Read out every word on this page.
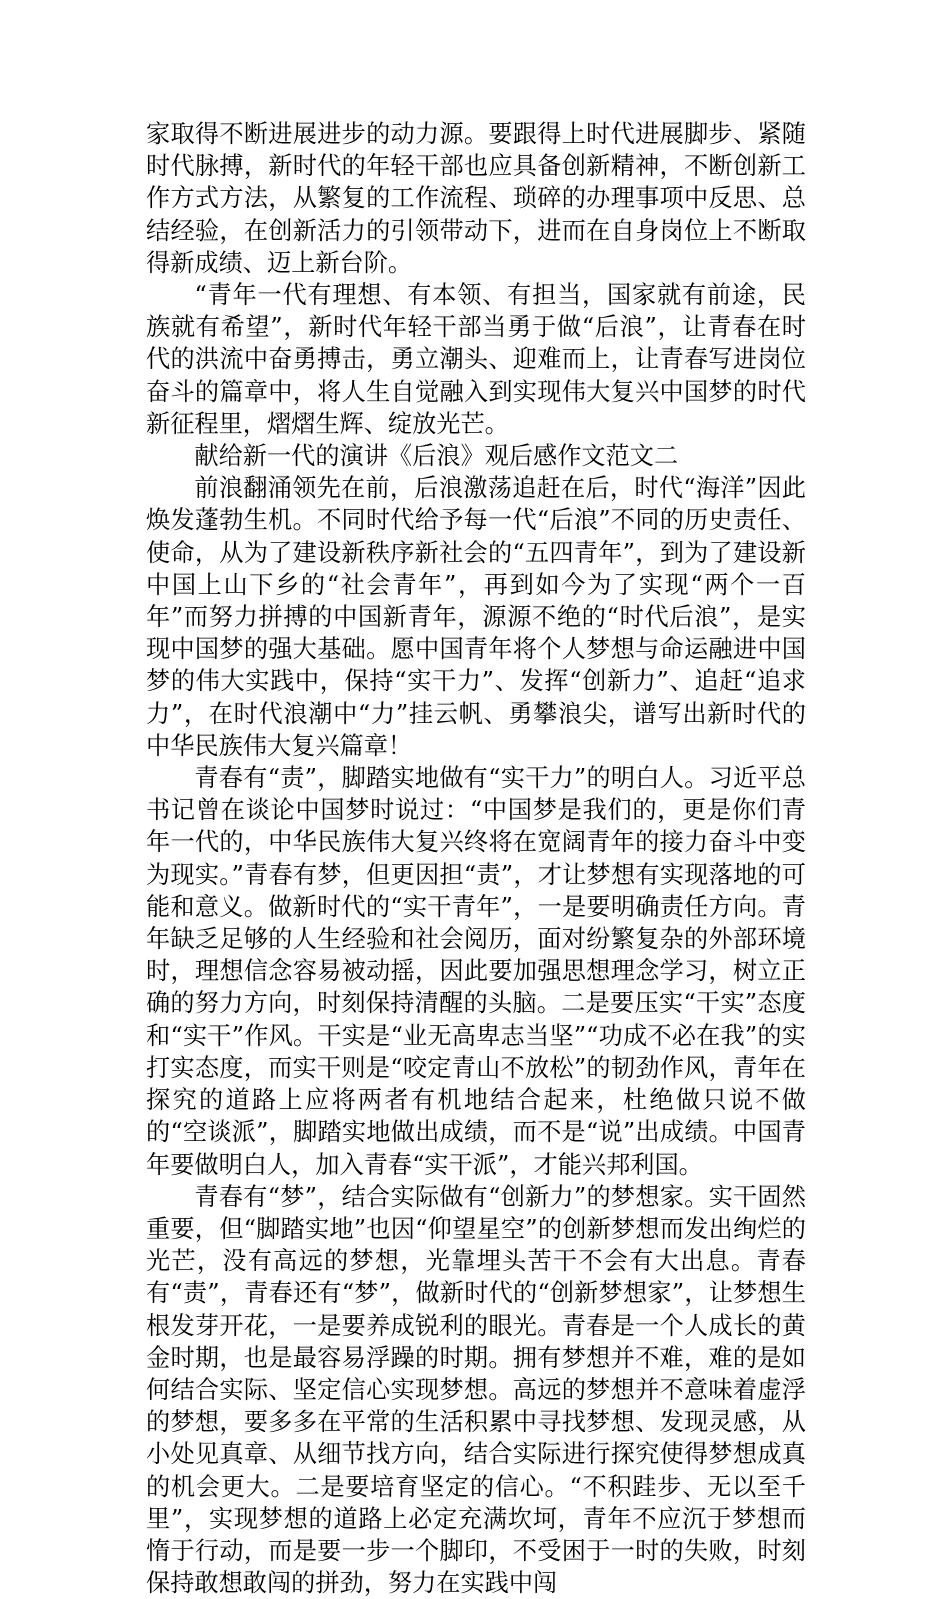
家取得不断进展进步的动力源。要跟得上时代进展脚步、紧随时代脉搏，新时代的年轻干部也应具备创新精神，不断创新工作方式方法，从繁复的工作流程、琐碎的办理事项中反思、总结经验，在创新活力的引领带动下，进而在自身岗位上不断取得新成绩、迈上新台阶。

“青年一代有理想、有本领、有担当，国家就有前途，民族就有希望”，新时代年轻干部当勇于做“后浪”，让青春在时代的洪流中奋勇搏击，勇立潮头、迎难而上，让青春写进岗位奋斗的篇章中，将人生自觉融入到实现伟大复兴中国梦的时代新征程里，熠熠生辉、绽放光芒。

献给新一代的演讲《后浪》观后感作文范文二

前浪翻涌领先在前，后浪激荡追赶在后，时代“海洋”因此焕发蓬勃生机。不同时代给予每一代“后浪”不同的历史责任、使命，从为了建设新秩序新社会的“五四青年”，到为了建设新中国上山下乡的“社会青年”，再到如今为了实现“两个一百年”而努力拼搏的中国新青年，源源不绝的“时代后浪”，是实现中国梦的强大基础。愿中国青年将个人梦想与命运融进中国梦的伟大实践中，保持“实干力”、发挥“创新力”、追赶“追求力”，在时代浪潮中“力”挂云帆、勇攀浪尖，谱写出新时代的中华民族伟大复兴篇章！

青春有“责”，脚踏实地做有“实干力”的明白人。习近平总书记曾在谈论中国梦时说过：“中国梦是我们的，更是你们青年一代的，中华民族伟大复兴终将在宽阔青年的接力奋斗中变为现实。”青春有梦，但更因担“责”，才让梦想有实现落地的可能和意义。做新时代的“实干青年”，一是要明确责任方向。青年缺乏足够的人生经验和社会阅历，面对纷繁复杂的外部环境时，理想信念容易被动摇，因此要加强思想理念学习，树立正确的努力方向，时刻保持清醒的头脑。二是要压实“干实”态度和“实干”作风。干实是“业无高卑志当坚”“功成不必在我”的实打实态度，而实干则是“咬定青山不放松”的韧劲作风，青年在探究的道路上应将两者有机地结合起来，杜绝做只说不做的“空谈派”，脚踏实地做出成绩，而不是“说”出成绩。中国青年要做明白人，加入青春“实干派”，才能兴邦利国。

青春有“梦”，结合实际做有“创新力”的梦想家。实干固然重要，但“脚踏实地”也因“仰望星空”的创新梦想而发出绚烂的光芒，没有高远的梦想，光靠埋头苦干不会有大出息。青春有“责”，青春还有“梦”，做新时代的“创新梦想家”，让梦想生根发芽开花，一是要养成锐利的眼光。青春是一个人成长的黄金时期，也是最容易浮躁的时期。拥有梦想并不难，难的是如何结合实际、坚定信心实现梦想。高远的梦想并不意味着虚浮的梦想，要多多在平常的生活积累中寻找梦想、发现灵感，从小处见真章、从细节找方向，结合实际进行探究使得梦想成真的机会更大。二是要培育坚定的信心。“不积跬步、无以至千里”，实现梦想的道路上必定充满坎坷，青年不应沉于梦想而惰于行动，而是要一步一个脚印，不受困于一时的失败，时刻保持敢想敢闯的拼劲，努力在实践中闯
